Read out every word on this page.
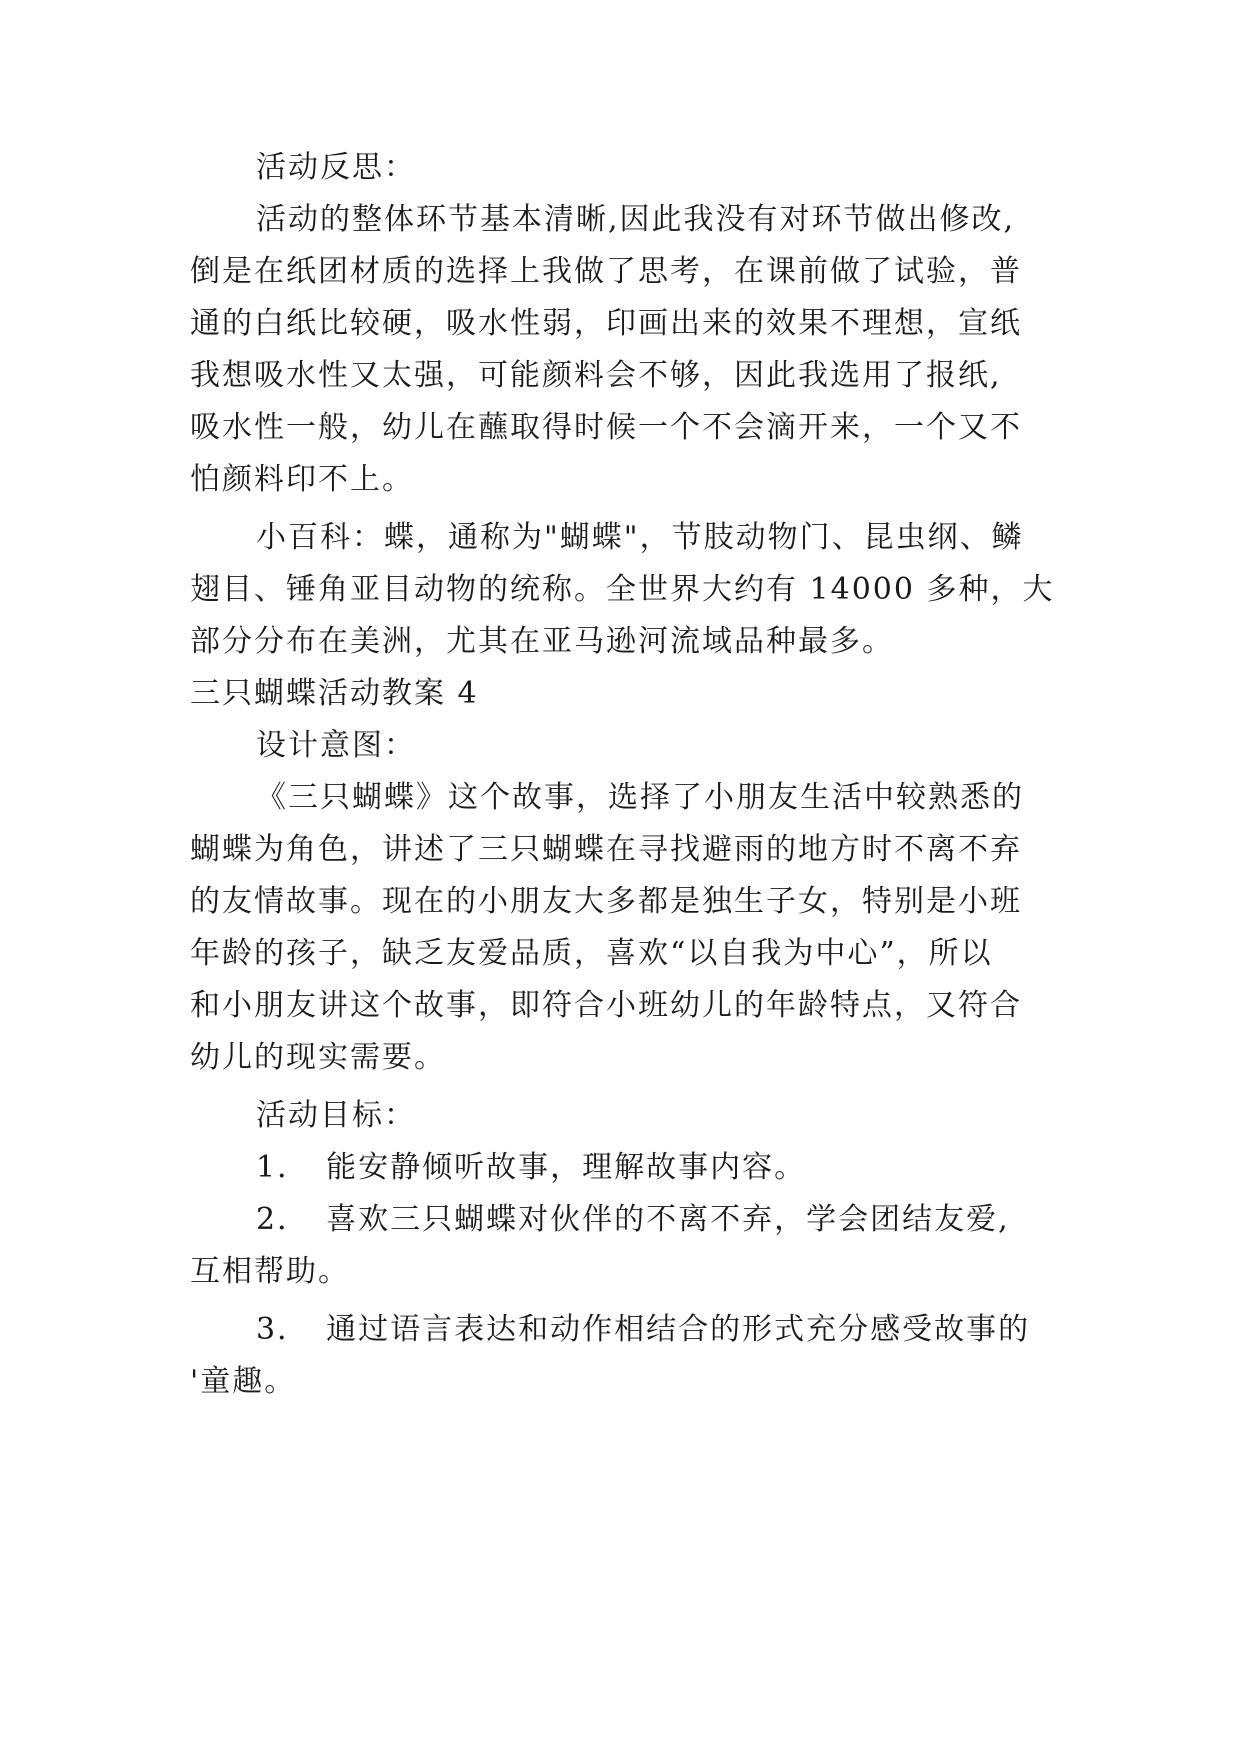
活动反思：
活动的整体环节基本清晰,因此我没有对环节做出修改,
倒是在纸团材质的选择上我做了思考，在课前做了试验，普
通的白纸比较硬，吸水性弱，印画出来的效果不理想，宣纸
我想吸水性又太强，可能颜料会不够，因此我选用了报纸,
吸水性一般，幼儿在蘸取得时候一个不会滴开来，一个又不
怕颜料印不上。
小百科：蝶，通称为"蝴蝶"，节肢动物门、昆虫纲、鳞
翅目、锤角亚目动物的统称。全世界大约有 14000 多种，大
部分分布在美洲，尤其在亚马逊河流域品种最多。
三只蝴蝶活动教案 4
设计意图：
《三只蝴蝶》这个故事，选择了小朋友生活中较熟悉的
蝴蝶为角色，讲述了三只蝴蝶在寻找避雨的地方时不离不弃
的友情故事。现在的小朋友大多都是独生子女，特别是小班
年龄的孩子，缺乏友爱品质，喜欢“以自我为中心”，所以
和小朋友讲这个故事，即符合小班幼儿的年龄特点，又符合
幼儿的现实需要。
活动目标：
1．　能安静倾听故事，理解故事内容。
2．　喜欢三只蝴蝶对伙伴的不离不弃，学会团结友爱,
互相帮助。
3．　通过语言表达和动作相结合的形式充分感受故事的
'童趣。
